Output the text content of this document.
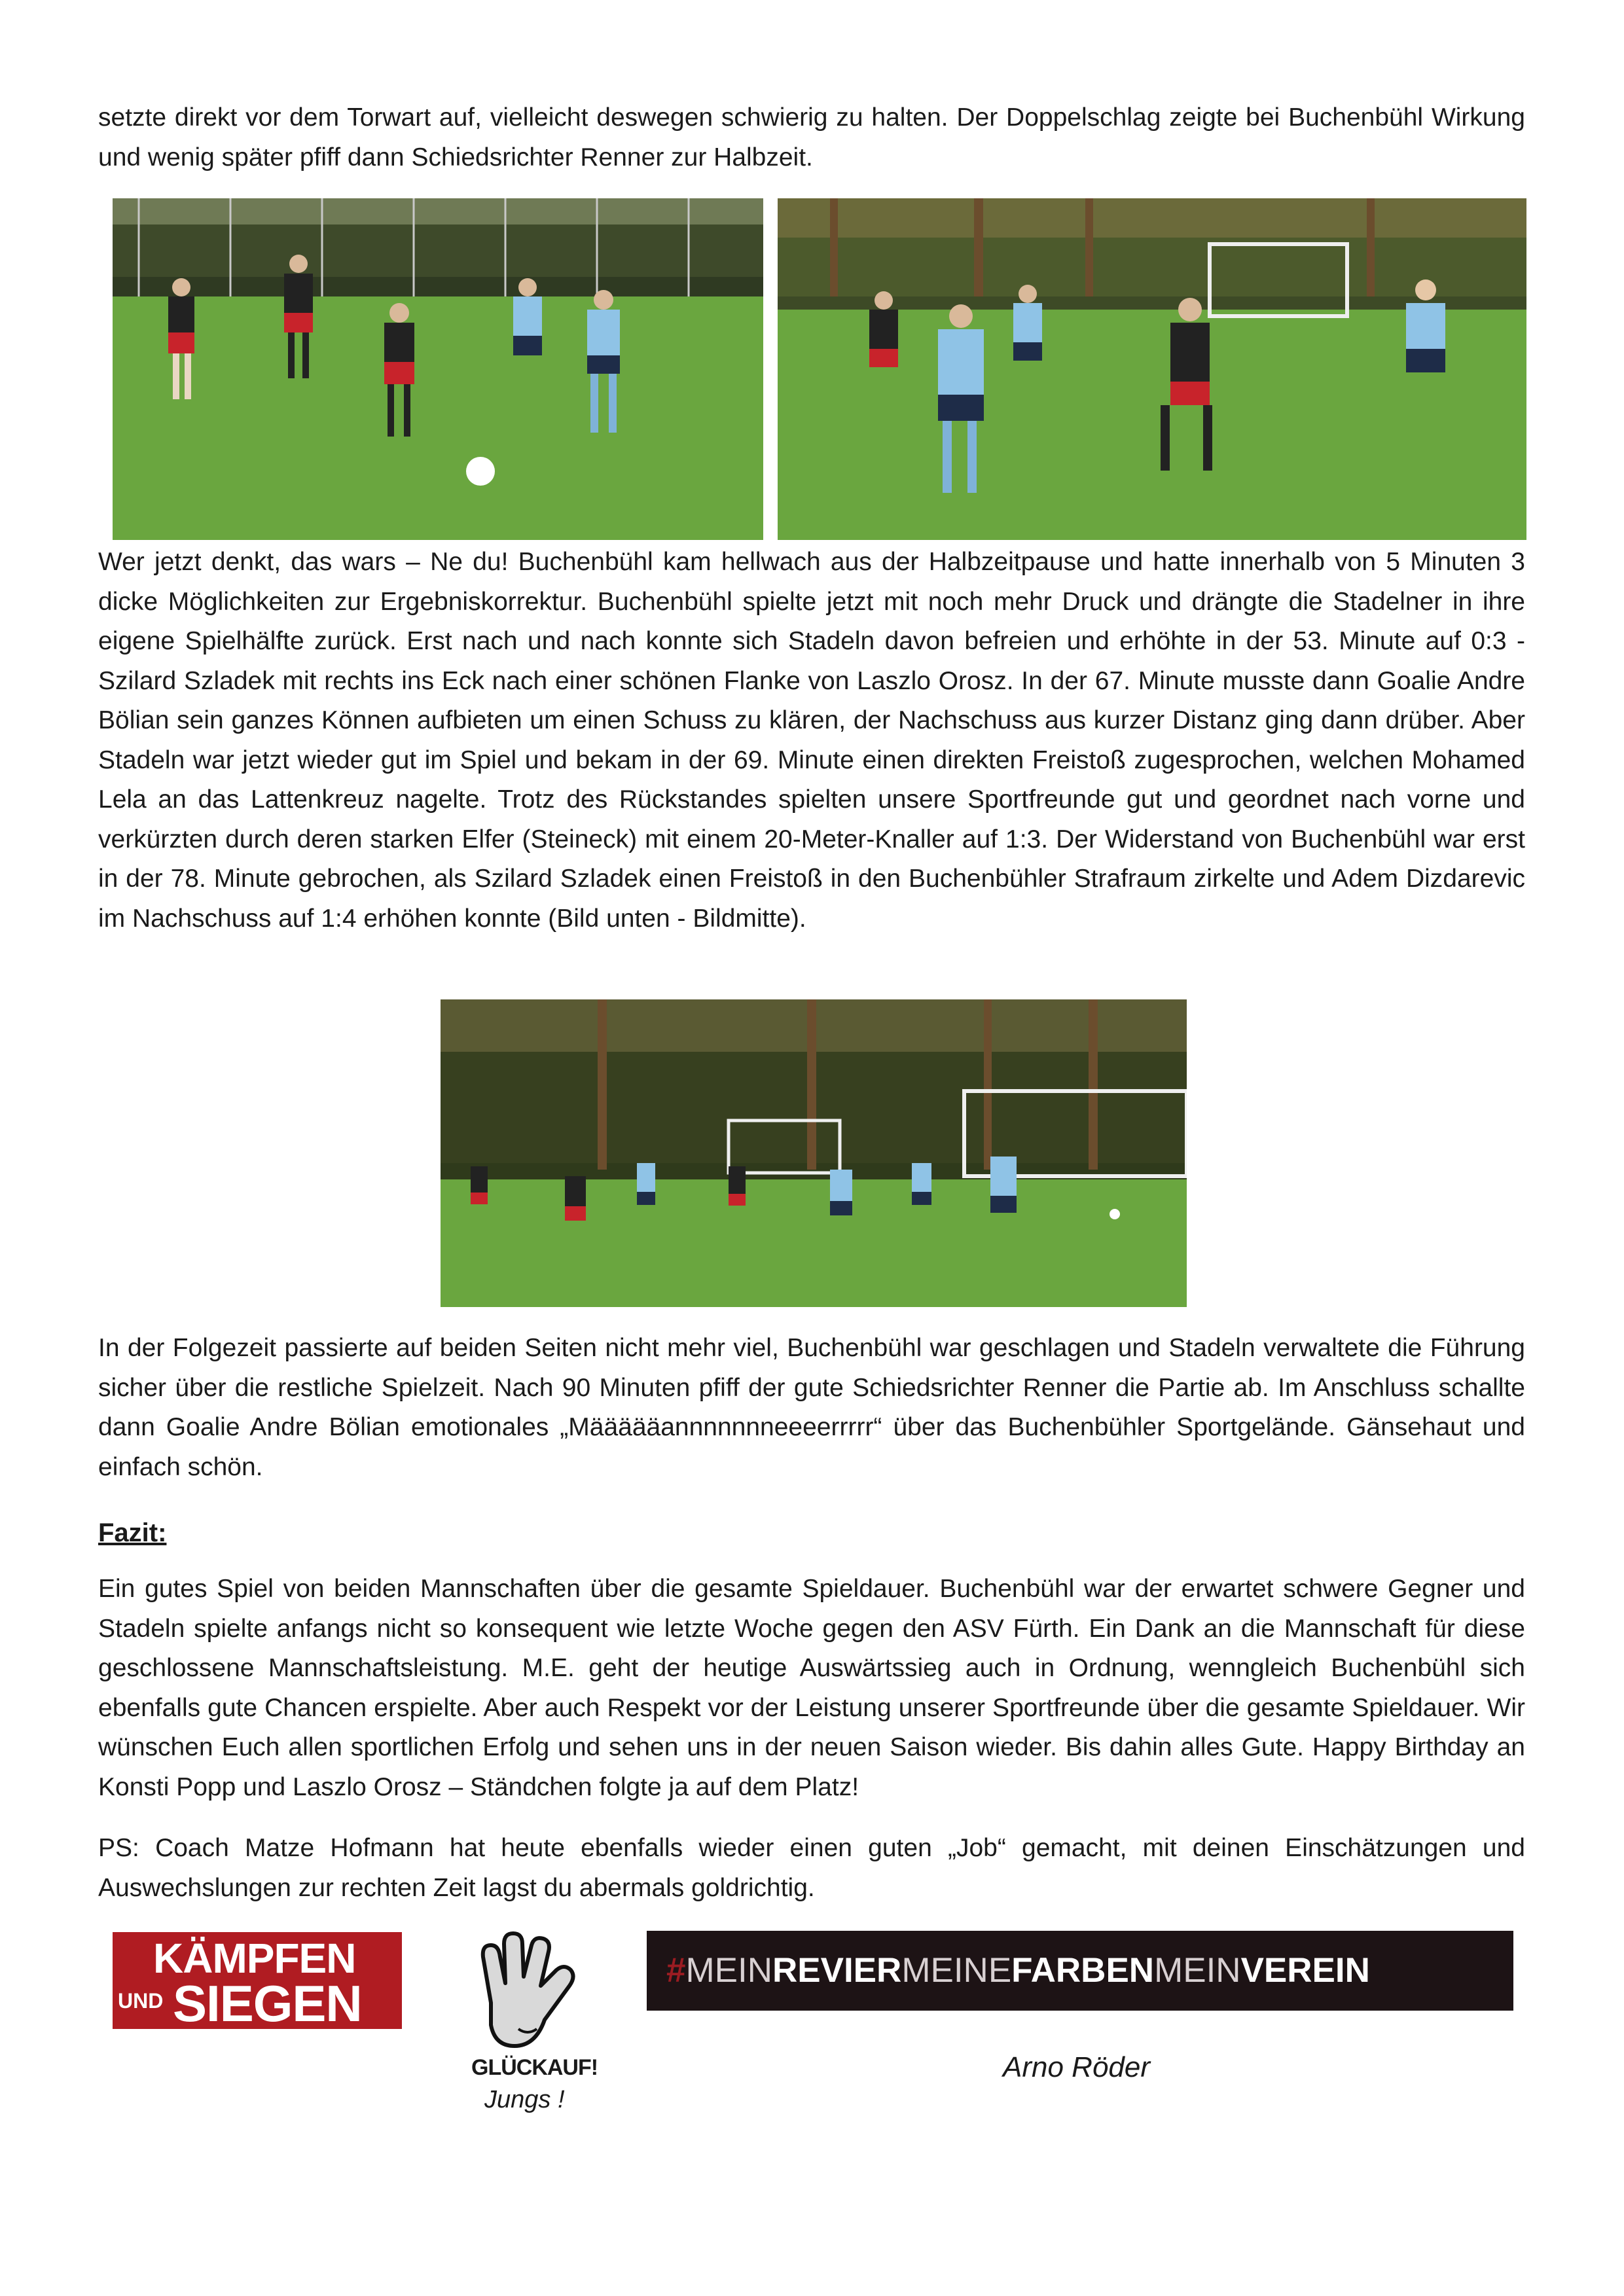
setzte direkt vor dem Torwart auf, vielleicht deswegen schwierig zu halten. Der Doppelschlag zeigte bei Buchenbühl Wirkung und wenig später pfiff dann Schiedsrichter Renner zur Halbzeit.

Wer jetzt denkt, das wars – Ne du! Buchenbühl kam hellwach aus der Halbzeitpause und hatte innerhalb von 5 Minuten 3 dicke Möglichkeiten zur Ergebniskorrektur. Buchenbühl spielte jetzt mit noch mehr Druck und drängte die Stadelner in ihre eigene Spielhälfte zurück. Erst nach und nach konnte sich Stadeln davon befreien und erhöhte in der 53. Minute auf 0:3 - Szilard Szladek mit rechts ins Eck nach einer schönen Flanke von Laszlo Orosz. In der 67. Minute musste dann Goalie Andre Bölian sein ganzes Können aufbieten um einen Schuss zu klären, der Nachschuss aus kurzer Distanz ging dann drüber. Aber Stadeln war jetzt wieder gut im Spiel und bekam in der 69. Minute einen direkten Freistoß zugesprochen, welchen Mohamed Lela an das Lattenkreuz nagelte. Trotz des Rückstandes spielten unsere Sportfreunde gut und geordnet nach vorne und verkürzten durch deren starken Elfer (Steineck) mit einem 20-Meter-Knaller auf 1:3. Der Widerstand von Buchenbühl war erst in der 78. Minute gebrochen, als Szilard Szladek einen Freistoß in den Buchenbühler Strafraum zirkelte und Adem Dizdarevic im Nachschuss auf 1:4 erhöhen konnte (Bild unten - Bildmitte).

In der Folgezeit passierte auf beiden Seiten nicht mehr viel, Buchenbühl war geschlagen und Stadeln verwaltete die Führung sicher über die restliche Spielzeit. Nach 90 Minuten pfiff der gute Schiedsrichter Renner die Partie ab. Im Anschluss schallte dann Goalie Andre Bölian emotionales „Määäääannnnnnneeeerrrrr“ über das Buchenbühler Sportgelände. Gänsehaut und einfach schön.

Fazit:

Ein gutes Spiel von beiden Mannschaften über die gesamte Spieldauer. Buchenbühl war der erwartet schwere Gegner und Stadeln spielte anfangs nicht so konsequent wie letzte Woche gegen den ASV Fürth. Ein Dank an die Mannschaft für diese geschlossene Mannschaftsleistung. M.E. geht der heutige Auswärtssieg auch in Ordnung, wenngleich Buchenbühl sich ebenfalls gute Chancen erspielte. Aber auch Respekt vor der Leistung unserer Sportfreunde über die gesamte Spieldauer. Wir wünschen Euch allen sportlichen Erfolg und sehen uns in der neuen Saison wieder. Bis dahin alles Gute. Happy Birthday an Konsti Popp und Laszlo Orosz – Ständchen folgte ja auf dem Platz!

PS: Coach Matze Hofmann hat heute ebenfalls wieder einen guten „Job“ gemacht, mit deinen Einschätzungen und Auswechslungen zur rechten Zeit lagst du abermals goldrichtig.

KÄMPFEN
UND SIEGEN
GLÜCKAUF!
Jungs !
#MEINREVIERMEINEFARBENMEINVEREIN
Arno Röder
